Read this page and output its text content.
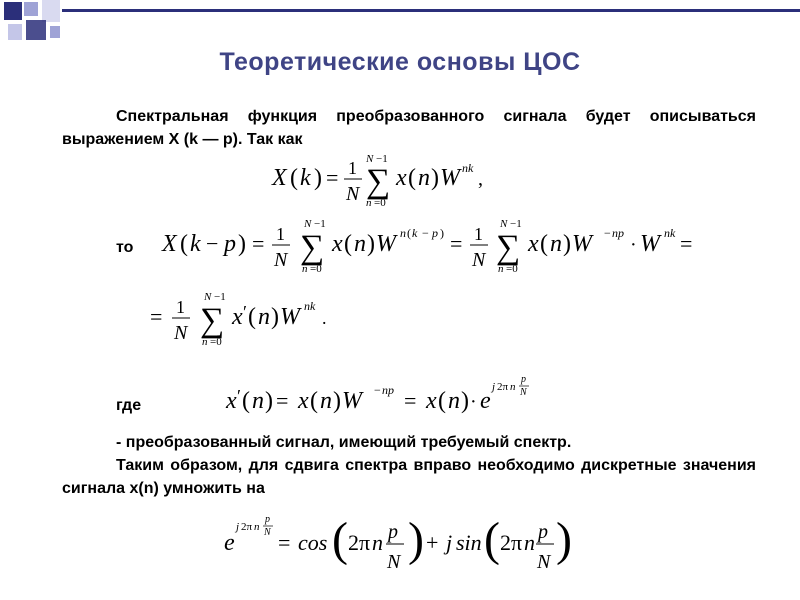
Теоретические основы ЦОС
Спектральная функция преобразованного сигнала будет описываться выражением X (k — p). Так как
X ( k ) = 1
N
N −1
∑
n =0
x ( n ) W nk ,
то X ( k − p ) = 1
N
N −1
∑
n =0
x ( n ) W n ( k − p ) = 1
N
N −1
∑
n =0
x ( n ) W − np
· W nk =
= 1
N
N −1
∑
n =0
x ′ ( n ) W nk
.
где	x ′ ( n ) = x ( n ) W − np = x ( n ) · e
j 2π n
p
N
- преобразованный сигнал, имеющий требуемый спектр.
Таким образом, для сдвига спектра вправо необходимо дискретные значения сигнала x(n) умножить на
e
j 2π n
p
N = cos ( 2π n p
N ) + j sin ( 2π n p
N )
